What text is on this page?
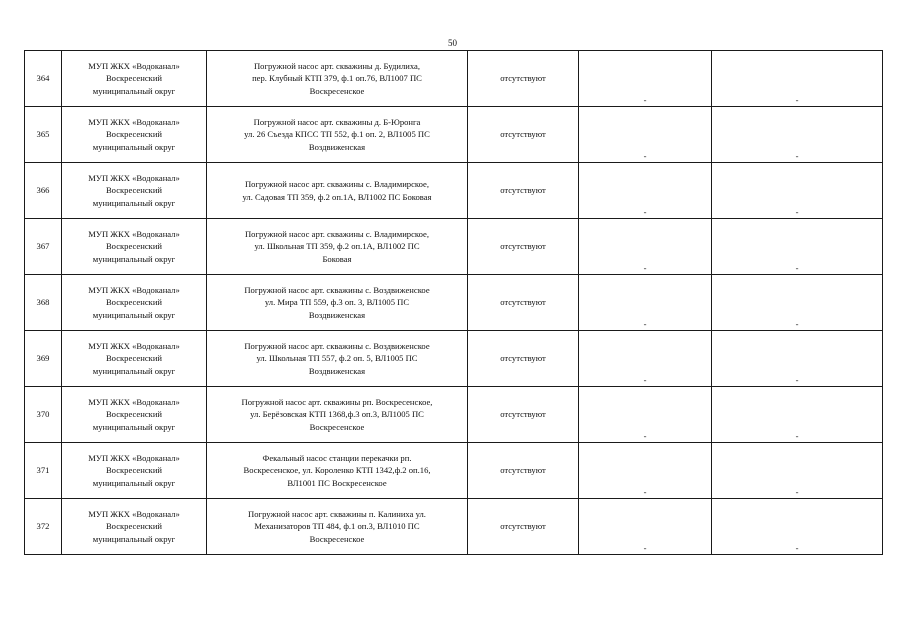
50
364	МУП ЖКХ «Водоканал»
Воскресенский
муниципальный округ	Погружной насос арт. скважины д. Будилиха,
пер. Клубный КТП 379, ф.1 оп.76, ВЛ1007 ПС
Воскресенское	отсутствуют	-	-

365	МУП ЖКХ «Водоканал»
Воскресенский
муниципальный округ	Погружной насос арт. скважины д. Б-Юронга
ул. 26 Съезда КПСС ТП 552, ф.1 оп. 2, ВЛ1005 ПС
Воздвиженская	отсутствуют	-	-

366	МУП ЖКХ «Водоканал»
Воскресенский
муниципальный округ	Погружной насос арт. скважины с. Владимирское,
ул. Садовая ТП 359, ф.2 оп.1А, ВЛ1002 ПС Боковая	отсутствуют	-	-

367	МУП ЖКХ «Водоканал»
Воскресенский
муниципальный округ	Погружной насос арт. скважины с. Владимирское,
ул. Школьная ТП 359, ф.2 оп.1А, ВЛ1002 ПС
Боковая	отсутствуют	-	-

368	МУП ЖКХ «Водоканал»
Воскресенский
муниципальный округ	Погружной насос арт. скважины с. Воздвиженское
ул. Мира ТП 559, ф.3 оп. 3, ВЛ1005 ПС
Воздвиженская	отсутствуют	-	-

369	МУП ЖКХ «Водоканал»
Воскресенский
муниципальный округ	Погружной насос арт. скважины с. Воздвиженское
ул. Школьная ТП 557, ф.2 оп. 5, ВЛ1005 ПС
Воздвиженская	отсутствуют	-	-

370	МУП ЖКХ «Водоканал»
Воскресенский
муниципальный округ	Погружной насос арт. скважины рп. Воскресенское,
ул. Берёзовская КТП 1368,ф.3 оп.3, ВЛ1005 ПС
Воскресенское	отсутствуют	-	-

371	МУП ЖКХ «Водоканал»
Воскресенский
муниципальный округ	Фекальный насос станции перекачки рп.
Воскресенское, ул. Короленко КТП 1342,ф.2 оп.16,
ВЛ1001 ПС Воскресенское	отсутствуют	-	-

372	МУП ЖКХ «Водоканал»
Воскресенский
муниципальный округ	Погружной насос арт. скважины п. Калиниха ул.
Механизаторов ТП 484, ф.1 оп.3, ВЛ1010 ПС
Воскресенское	отсутствуют	-	-
